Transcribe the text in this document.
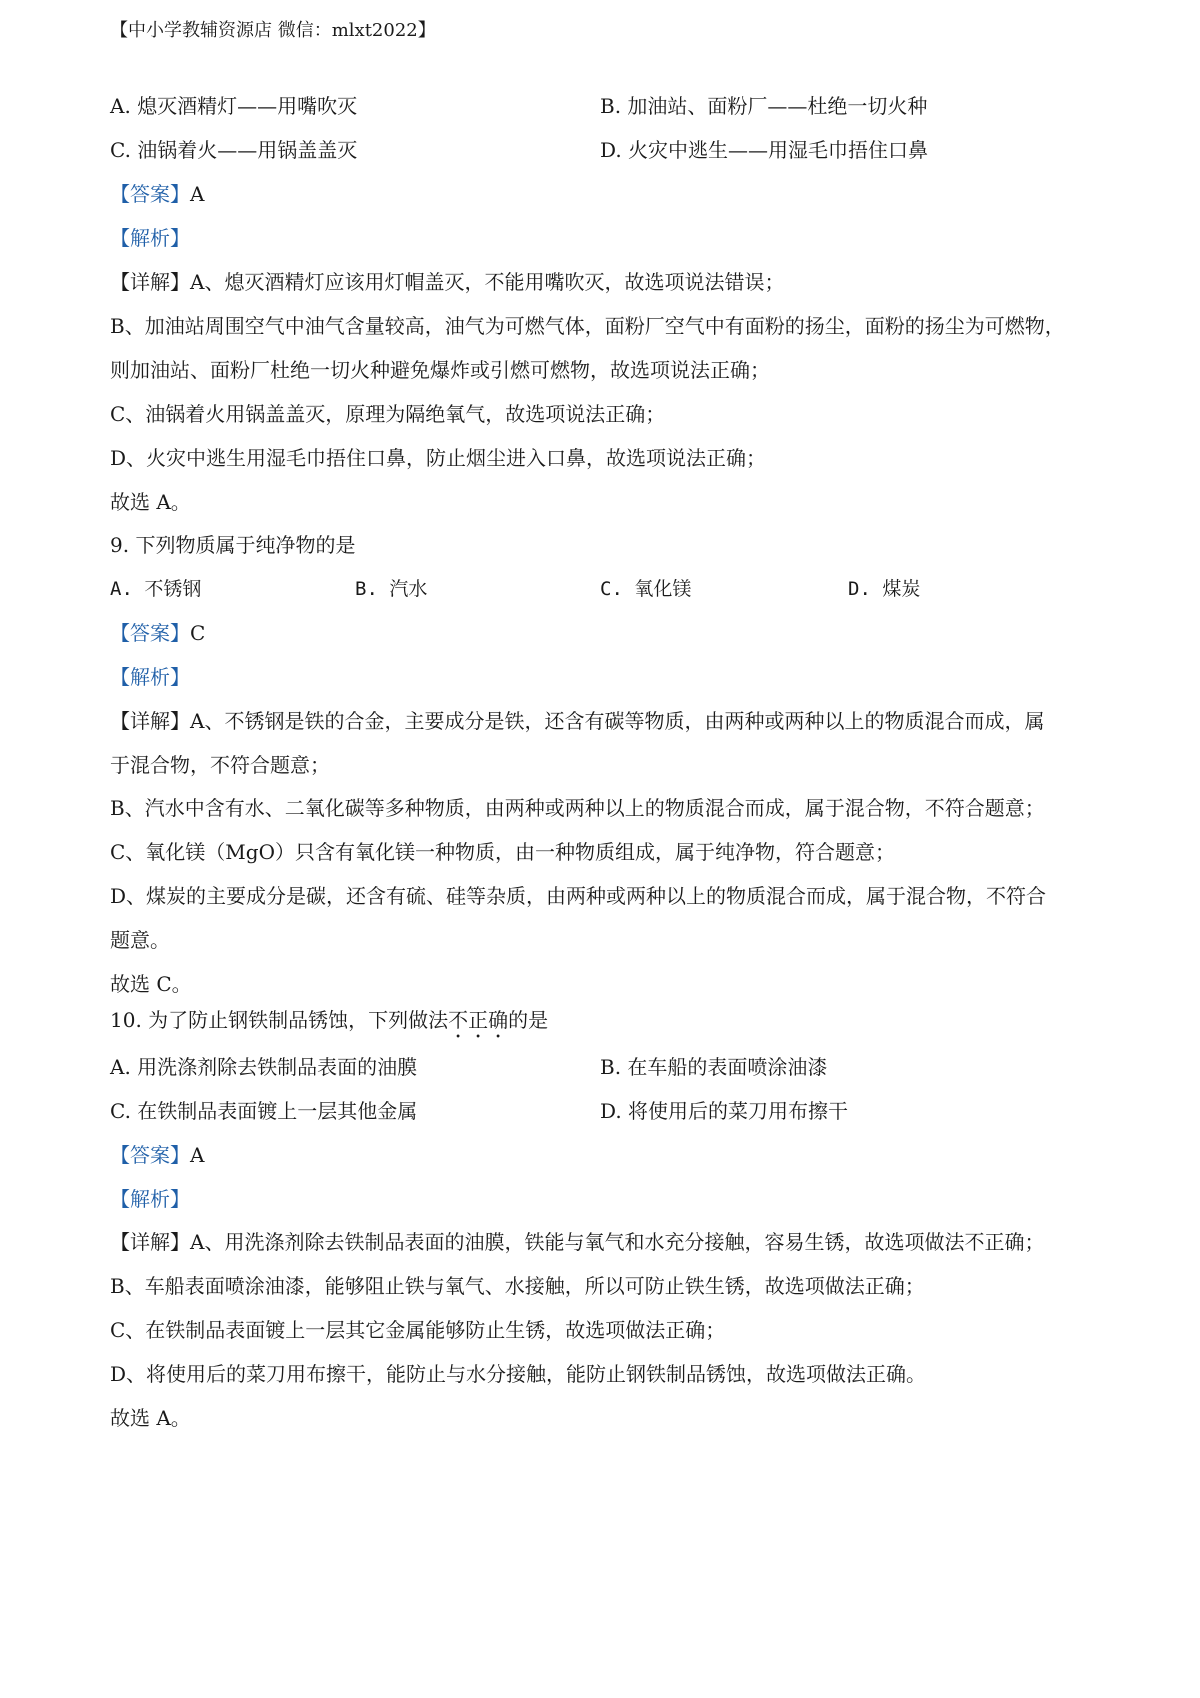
【中小学教辅资源店 微信：mlxt2022】
A. 熄灭酒精灯——用嘴吹灭	B. 加油站、面粉厂——杜绝一切火种
C. 油锅着火——用锅盖盖灭	D. 火灾中逃生——用湿毛巾捂住口鼻
【答案】A
【解析】
【详解】A、熄灭酒精灯应该用灯帽盖灭，不能用嘴吹灭，故选项说法错误；
B、加油站周围空气中油气含量较高，油气为可燃气体，面粉厂空气中有面粉的扬尘，面粉的扬尘为可燃物，
则加油站、面粉厂杜绝一切火种避免爆炸或引燃可燃物，故选项说法正确；
C、油锅着火用锅盖盖灭，原理为隔绝氧气，故选项说法正确；
D、火灾中逃生用湿毛巾捂住口鼻，防止烟尘进入口鼻，故选项说法正确；
故选 A。
9. 下列物质属于纯净物的是
A. 不锈钢	B. 汽水	C. 氧化镁	D. 煤炭
【答案】C
【解析】
【详解】A、不锈钢是铁的合金，主要成分是铁，还含有碳等物质，由两种或两种以上的物质混合而成，属
于混合物，不符合题意；
B、汽水中含有水、二氧化碳等多种物质，由两种或两种以上的物质混合而成，属于混合物，不符合题意；
C、氧化镁（MgO）只含有氧化镁一种物质，由一种物质组成，属于纯净物，符合题意；
D、煤炭的主要成分是碳，还含有硫、硅等杂质，由两种或两种以上的物质混合而成，属于混合物，不符合
题意。
故选 C。
10. 为了防止钢铁制品锈蚀，下列做法不正确的是
A. 用洗涤剂除去铁制品表面的油膜	B. 在车船的表面喷涂油漆
C. 在铁制品表面镀上一层其他金属	D. 将使用后的菜刀用布擦干
【答案】A
【解析】
【详解】A、用洗涤剂除去铁制品表面的油膜，铁能与氧气和水充分接触，容易生锈，故选项做法不正确；
B、车船表面喷涂油漆，能够阻止铁与氧气、水接触，所以可防止铁生锈，故选项做法正确；
C、在铁制品表面镀上一层其它金属能够防止生锈，故选项做法正确；
D、将使用后的菜刀用布擦干，能防止与水分接触，能防止钢铁制品锈蚀，故选项做法正确。
故选 A。
